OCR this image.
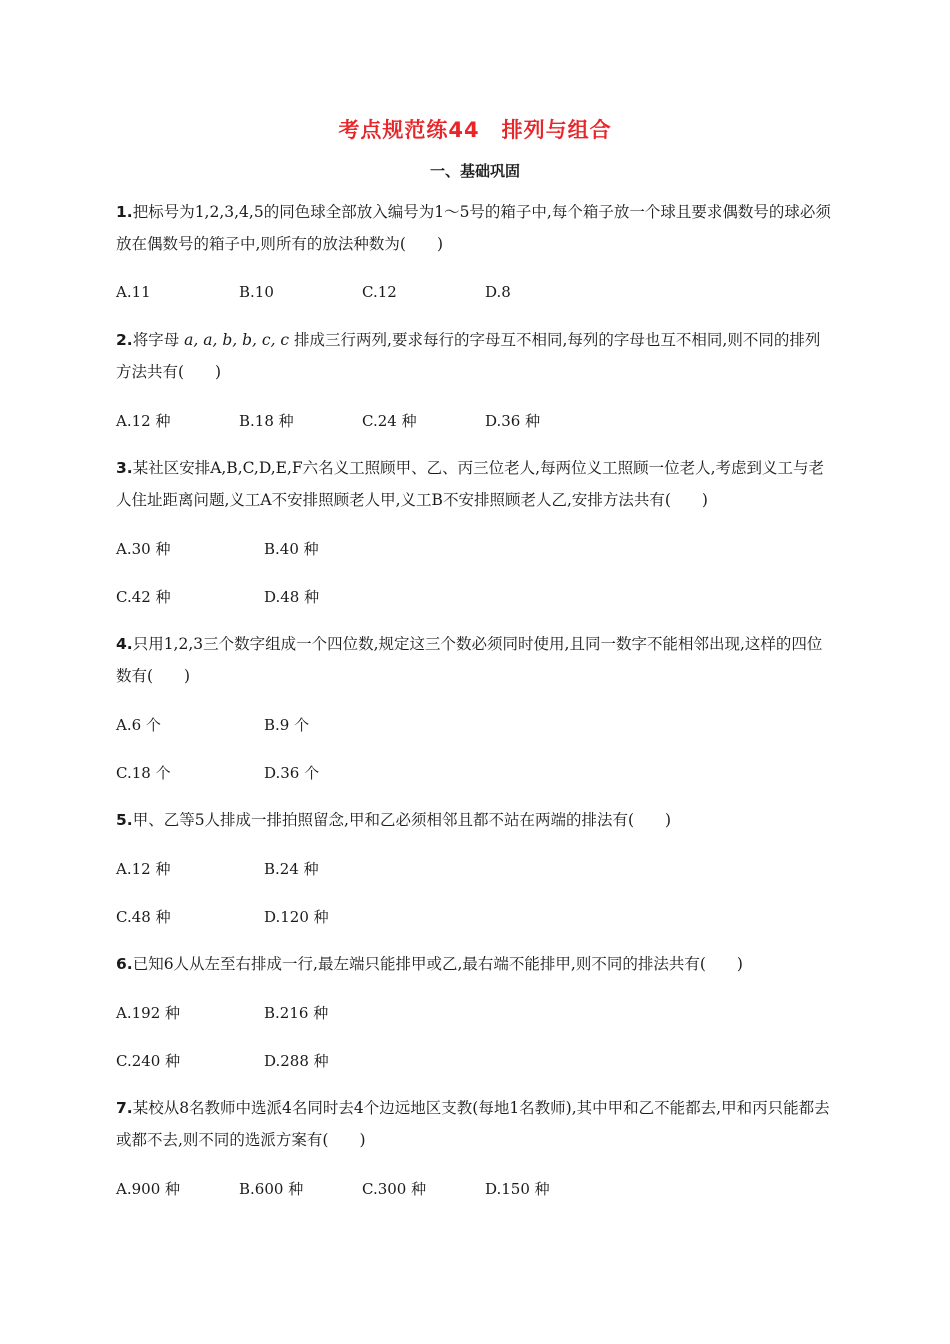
考点规范练44　排列与组合
一、基础巩固

1.把标号为1,2,3,4,5的同色球全部放入编号为1～5号的箱子中,每个箱子放一个球且要求偶数号的球必须放在偶数号的箱子中,则所有的放法种数为(　　)

A.11	B.10	C.12	D.8

2.将字母 a, a, b, b, c, c 排成三行两列,要求每行的字母互不相同,每列的字母也互不相同,则不同的排列方法共有(　　)

A.12 种	B.18 种	C.24 种	D.36 种

3.某社区安排A,B,C,D,E,F六名义工照顾甲、乙、丙三位老人,每两位义工照顾一位老人,考虑到义工与老人住址距离问题,义工A不安排照顾老人甲,义工B不安排照顾老人乙,安排方法共有(　　)

A.30 种	B.40 种
C.42 种	D.48 种

4.只用1,2,3三个数字组成一个四位数,规定这三个数必须同时使用,且同一数字不能相邻出现,这样的四位数有(　　)

A.6 个	B.9 个
C.18 个	D.36 个

5.甲、乙等5人排成一排拍照留念,甲和乙必须相邻且都不站在两端的排法有(　　)

A.12 种	B.24 种
C.48 种	D.120 种

6.已知6人从左至右排成一行,最左端只能排甲或乙,最右端不能排甲,则不同的排法共有(　　)

A.192 种	B.216 种
C.240 种	D.288 种

7.某校从8名教师中选派4名同时去4个边远地区支教(每地1名教师),其中甲和乙不能都去,甲和丙只能都去或都不去,则不同的选派方案有(　　)

A.900 种	B.600 种	C.300 种	D.150 种
